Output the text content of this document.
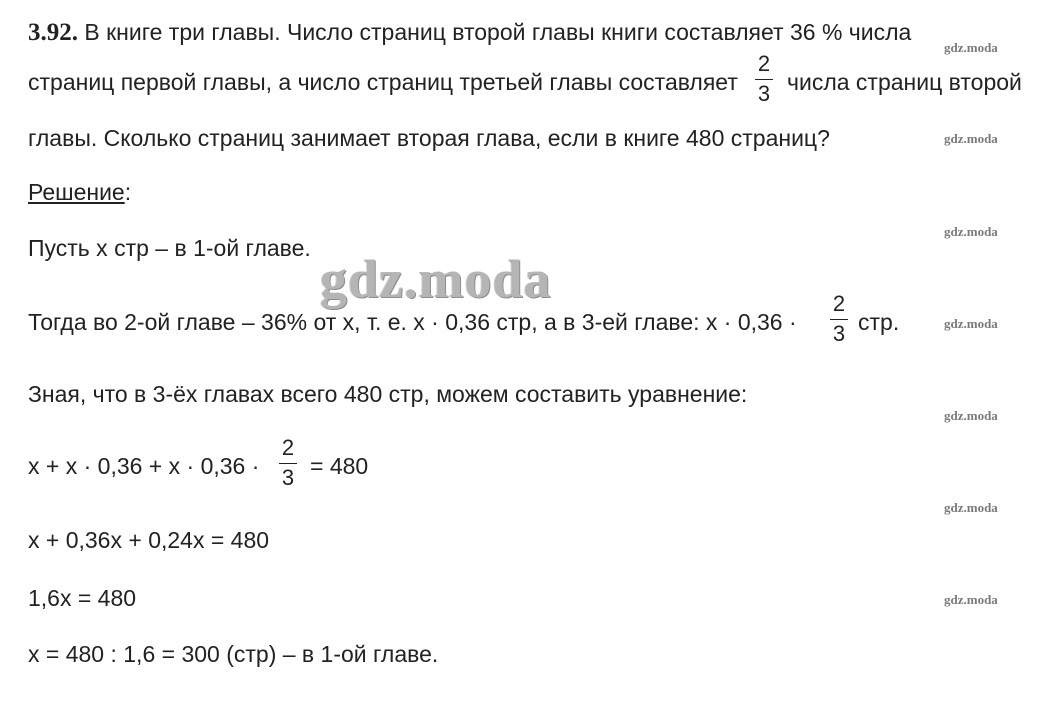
3.92. В книге три главы. Число страниц второй главы книги составляет 36 % числа
страниц первой главы, а число страниц третьей главы составляет
2
3 числа страниц второй
главы. Сколько страниц занимает вторая глава, если в книге 480 страниц?
Решение:
Пусть x стр – в 1-ой главе.
gdz.moda
Тогда во 2-ой главе – 36% от x, т. е. x · 0,36 стр, а в 3-ей главе: x · 0,36 ·
2
3 стр.
Зная, что в 3-ёх главах всего 480 стр, можем составить уравнение:
x + x · 0,36 + x · 0,36 ·
2
3 = 480
x + 0,36x + 0,24x = 480
1,6x = 480
x = 480 : 1,6 = 300 (стр) – в 1-ой главе.
gdz.moda
gdz.moda
gdz.moda
gdz.moda
gdz.moda
gdz.moda
gdz.moda
